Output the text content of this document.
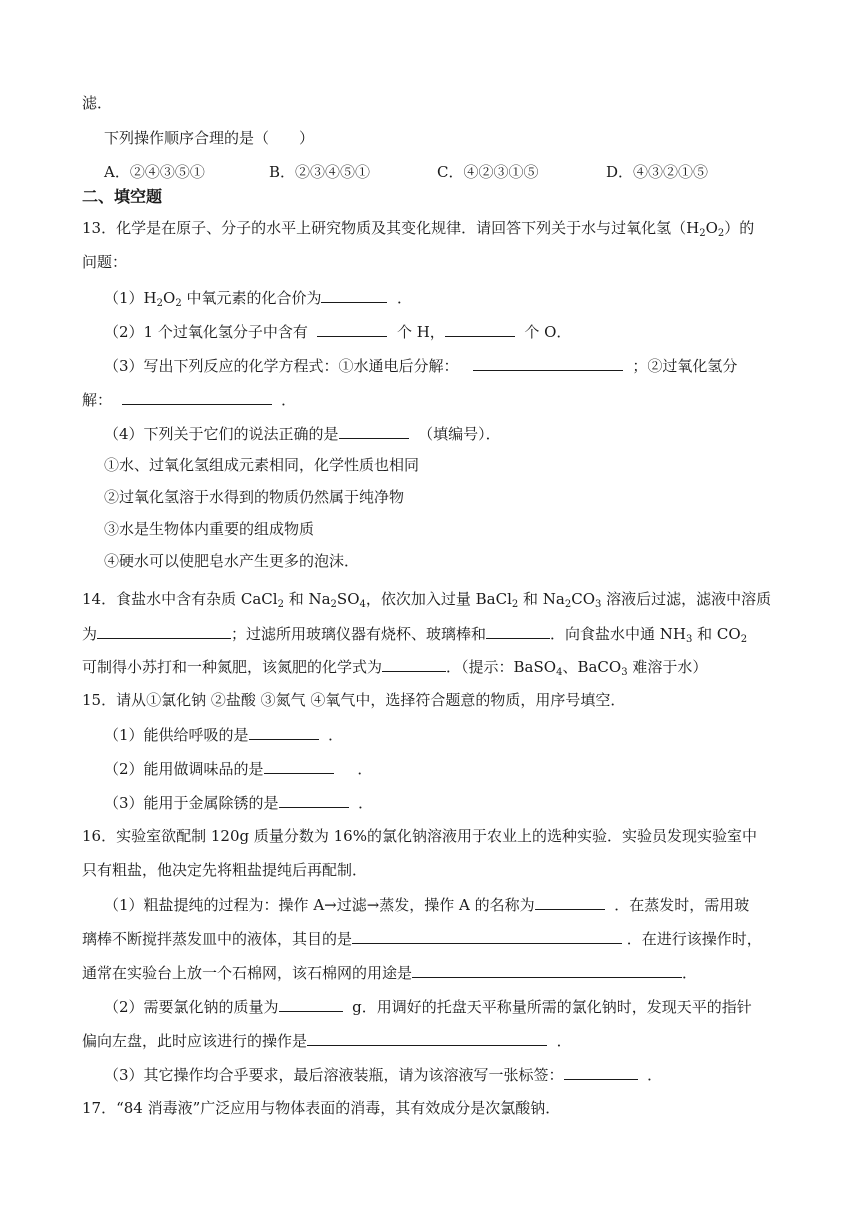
滤．
下列操作顺序合理的是（　　）
A．②④③⑤①	B．②③④⑤①	C．④②③①⑤	D．④③②①⑤
二、填空题
13．化学是在原子、分子的水平上研究物质及其变化规律．请回答下列关于水与过氧化氢$(H_2O_2)$的
问题：
$(1)H_2O_2$ 中氧元素的化合价为	．
（2）1 个过氧化氢分子中含有	个 H，	个 O．
（3）写出下列反应的化学方程式：①水通电后分解：	；②过氧化氢分
解：	．
（4）下列关于它们的说法正确的是	（填编号）．
①水、过氧化氢组成元素相同，化学性质也相同
②过氧化氢溶于水得到的物质仍然属于纯净物
③水是生物体内重要的组成物质
④硬水可以使肥皂水产生更多的泡沫．
14．食盐水中含有杂质 CaCl$_2$ 和 $Na_2SO_4$，依次加入过量 BaCl$_2$ 和 $Na_2CO_3$ 溶液后过滤，滤液中溶质
为	；过滤所用玻璃仪器有烧杯、玻璃棒和	．向食盐水中通 $NH_3$ 和 $CO_2$
可制得小苏打和一种氮肥，该氮肥的化学式为	．（提示：BaSO$_4$、BaCO$_3$ 难溶于水）
15．请从①氯化钠 ②盐酸 ③氮气 ④氧气中，选择符合题意的物质，用序号填空．
（1）能供给呼吸的是	．
（2）能用做调味品的是	．
（3）能用于金属除锈的是	．
16．实验室欲配制 120g 质量分数为 16%的氯化钠溶液用于农业上的选种实验．实验员发现实验室中
只有粗盐，他决定先将粗盐提纯后再配制．
（1）粗盐提纯的过程为：操作 A→过滤→蒸发，操作 A 的名称为	．在蒸发时，需用玻
璃棒不断搅拌蒸发皿中的液体，其目的是	．在进行该操作时，
通常在实验台上放一个石棉网，该石棉网的用途是	．
（2）需要氯化钠的质量为	g．用调好的托盘天平称量所需的氯化钠时，发现天平的指针
偏向左盘，此时应该进行的操作是	．
（3）其它操作均合乎要求，最后溶液装瓶，请为该溶液写一张标签：	．
17．“84 消毒液”广泛应用与物体表面的消毒，其有效成分是次氯酸钠．
